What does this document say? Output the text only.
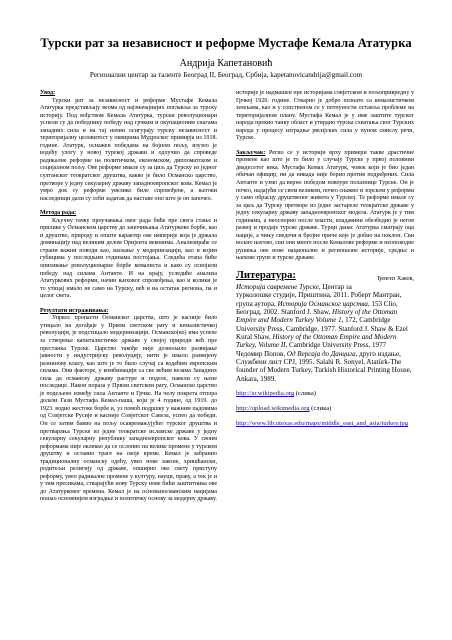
Турски рат за независност и реформе Мустафе Кемала Ататурка
Андрија Капетановић
Регионални центар за таленте Београд II, Београд, Србија, kapetanovicandrija@gmail.com

Увод:

Турски рат за независност и реформе Мустафе Кемала Ататурка представљају веома од најзначајнијих поглавља за турску историју. Под вођством Кемала Ататурка, турски револуционари успели су да победнику победу над грчким и окупационим снагама западних сила и на тај начин осигурају турску независност и територијалну целовитост у оквирима Мудроског примирја из 1918. године. Ататурк, оснажен победама на бојном пољу, изузео је водећу улогу у новој турској држави и одлучио да спроведе радикалне реформе на политичком, економском, дипломатском и социјалном пољу. Ове реформе имале су за циљ да Турску из једног султанског теократског друштва, какво је било Османско царство, претворе у једну секуларну државу западноевропског кова. Кемал је умро док су реформе увелико биле спровођене, а његови наследници дали су себи задатак да наставе оно што је он започео.

Метода рада:

Кључну тачку проучавања овог рада биће пре свега стање и прилике у Османском царству до започињања Ататуркове борбе, као и друштво, природу и опште карактер ове империје која је држала доминацију над великим делом Оријента вековима. Анализираће се страни важни поводи као, васкање у модернизацији, као и којим губицима у последњим годинама постојања. Следећа етапа биће описивање револуционарне борбе кемалиста и како су освојили победу над силама Антанте. И на крају, уследиће анализа Ататуркових реформи, начин њиховог спровођења, као и колики је то утицај имало не само на Турску, већ и на остатак региона, па и целог света.

Резултати истраживања:

Упркос пропасти Османског царства, што је касније било утицало на догађаје у Првом светском рату и кемалистичкој револуцији, је подстицало модернизацији. Османско(ко) има успехе за створење капиталистичке државе у својој природи већ пре престанка Турске. Царство такође није дозвољило развијање јавности у индустријску револуцију, нити је имало развијену разнинову класу, као што је то било случај са водећим европским силама. Они факторе, у комбинацији са све већим везама Западних сила да османску државу растуре и поделе, навели су њене последице. Након пораза у Првом светском рату, Османско царство је подељено између сила Антанте и Грчке. На челу покрета отпора долази Гази Мустафа Кемал-паша, који је 4 године, од 1919. до 1923. водио жестоке борбе и, уз помоћ подршку у важним падовима од Совјетске Русије и касније Совјетског Савеза, успео да победи. Он се затим бавио на пољу осавремањујућег турског друштва и претварања Турске из једне теократске исламске државе у једну секуларну секуларну републику западноевропског кова. У своим реформама није оклевао да се ослонио на велике промене у турском друштву и оставио траге на своје време. Кемал је забранио традиционалну османску одећу, увео нове законе, хришћански, родитељи религију од државе, опширно око свету приступу реформу, увео радикалне промене у културу, науци, праву, а тек је и у тим пресикама, стварајући нову Турску нове бићи заштитника ове до Ататурковог времена. Кемал је на основаносманским нацијама пошао основнијем изградње и политичку основу за модерну државу.

историје је надмашен пре историјама совјетском и пољопривредну у Грчкој 1920. године. Стварно је добро познато са кемалистичком земљама, као и у сопственом се у потпуности оставља проблеме на територијалном плану. Мустафа Кемал је у име заштите турског народа прекио танку област и утврдио турска схватања свог Турских народа у процесу изградње рвсијских сила у пуном смислу речи, Турске.

Закључак: Регио се у историји врху примери такве драстичне промене као што је то било у случају Турске у првој половини двадесетог века. Мустафа Кемал Ататурк, човек који је био један обичан официр, ни да никада није борио против подређених. Сила Антанте и узмо да верно победом новоуре полазнице Турске. Он је почео, надајући се свом великом, почео снажно и зорском у реформи у само обрасцу друштвеног живота у Турској. Те реформе имале су за циљ да Турску претворе из једне застареле теократске државе у једну секуларну државу западноевропског модела. Ататурк је у тим годинама, а неоспорно после власти, владавини обезбедио је негов развој и продаје турске државе. Турци данас Ататурка сматрају оца нације, а чињу сведочи и бројне приче које је добио на поклон. Сви вољно његово, сви они многе после Кемалове реформе и неоповодне рушења ове нове националне и регионалне историје, средње и њихове групе и турске државе.

Литература:	Ђенгиз Хаков,

Историја савремене Турске, Центар за турколошке студије, Приштина, 2011. Роберт Мантран, група аутора, Историја Османског царства, 153 Clio, Београд, 2002. Stanford J. Shaw, History of the Ottoman Empire and Modern Turkey Volume 1, 172, Cambridge University Press, Cambridge, 1977. Stanford J. Shaw & Ezel Kural Shaw, History of the Ottoman Empire and Modern Turkey, Volume II, Cambridge University Press, 1977 Чедомир Попов, Од Версаја до Данцига, друго издање, Службени лист СРЈ, 1995. Salahi R. Sonyel, Atatürk-The founder of Modern Turkey, Turkish Historical Printing House, Ankara, 1989.

http://sr.wikipedia.org (слика)

http://upload.wikimedia.org (слика)

http://www.lib.utexas.edu/maps/middle_east_and_asia/turkey.jpg
